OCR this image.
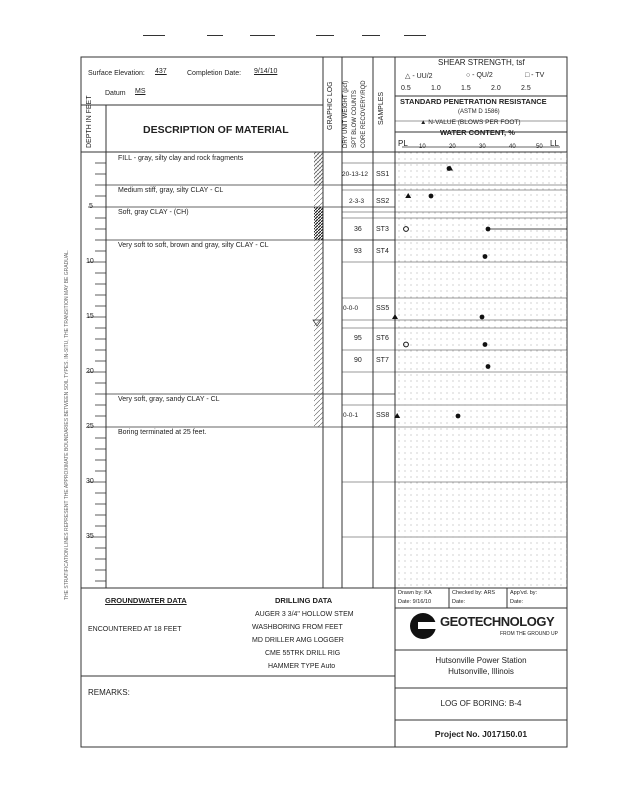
THE STRATIFICATION LINES REPRESENT THE APPROXIMATE BOUNDARIES BETWEEN SOIL TYPES. IN-SITU, THE TRANSITION MAY BE GRADUAL.
Surface Elevation: 437	Completion Date: 9/14/10
Datum MS
DEPTH IN FEET	DESCRIPTION OF MATERIAL	GRAPHIC LOG DRY UNIT WEIGHT (pcf) SPT BLOW COUNTS CORE RECOVERY/RQD SAMPLES
SHEAR STRENGTH, tsf
△ - UU/2	○ - QU/2	□ - TV
0.5	1.0	1.5	2.0	2.5
STANDARD PENETRATION RESISTANCE
(ASTM D 1586)
▲ N-VALUE (BLOWS PER FOOT)
WATER CONTENT, %
PL	LL
10	20	30	40	50
5
10
15
20
25
30
35
FILL - gray, silty clay and rock fragments
Medium stiff, gray, silty CLAY - CL
Soft, gray CLAY - (CH)
Very soft to soft, brown and gray, silty CLAY - CL
Very soft, gray, sandy CLAY - CL
Boring terminated at 25 feet.
20-13-12 SS1
2-3-3 SS2
36 ST3
93 ST4
0-0-0	SS5
95 ST6
90 ST7
0-0-1	SS8
GROUNDWATER DATA
ENCOUNTERED AT 18 FEET
DRILLING DATA
AUGER 3 3/4" HOLLOW STEM
WASHBORING FROM FEET
MD DRILLER AMG LOGGER
CME 55TRK DRILL RIG
HAMMER TYPE Auto
REMARKS:
Drawn by: KA	Checked by: ARS	App'vd. by:
Date: 9/16/10	Date:	Date:
GEOTECHNOLOGY
FROM THE GROUND UP
Hutsonville Power Station
Hutsonville, Illinois
LOG OF BORING: B-4
Project No. J017150.01
